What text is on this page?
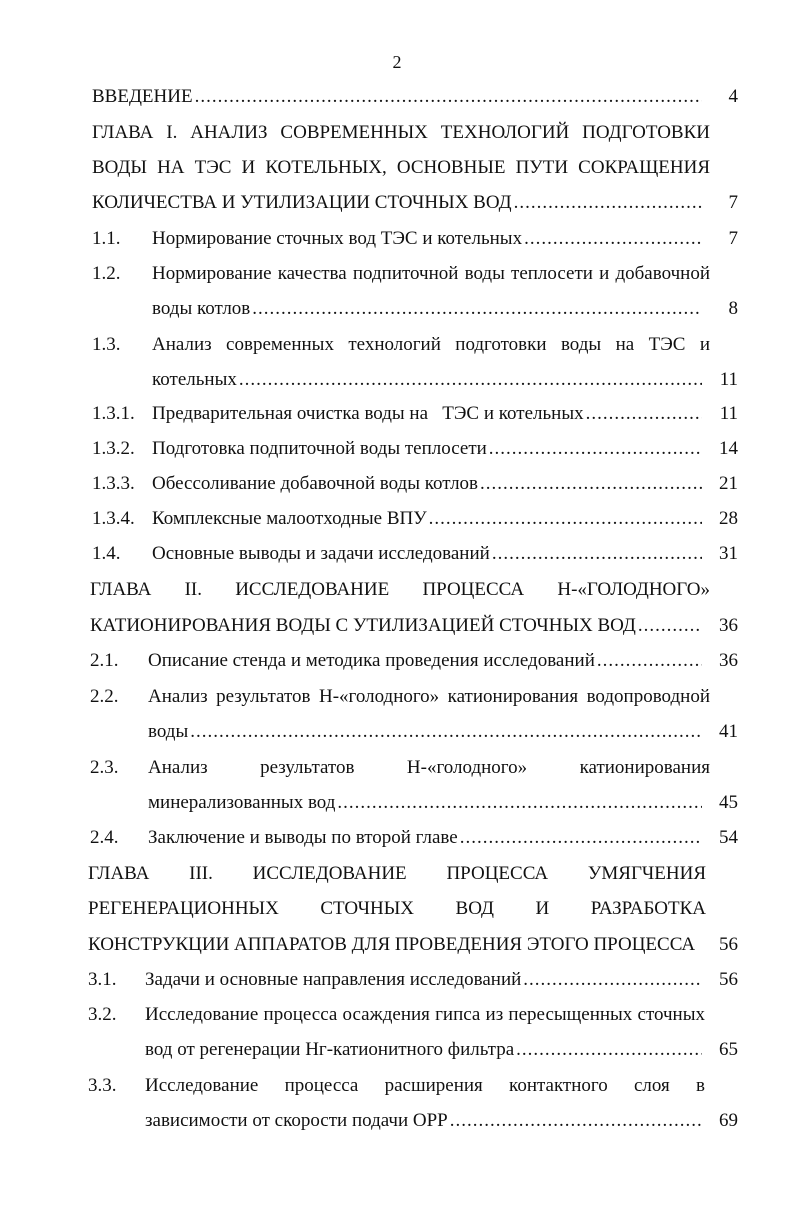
2
ВВЕДЕНИЕ .....	4
ГЛАВА I. АНАЛИЗ СОВРЕМЕННЫХ ТЕХНОЛОГИЙ ПОДГОТОВКИ
ВОДЫ НА ТЭС И КОТЕЛЬНЫХ, ОСНОВНЫЕ ПУТИ СОКРАЩЕНИЯ
КОЛИЧЕСТВА И УТИЛИЗАЦИИ СТОЧНЫХ ВОД .....	7
1.1. Нормирование сточных вод ТЭС и котельных .....	7
1.2. Нормирование качества подпиточной воды теплосети и добавочной
воды котлов .....	8
1.3. Анализ современных технологий подготовки воды на ТЭС и
котельных .....	11
1.3.1. Предварительная очистка воды на   ТЭС и котельных .....	11
1.3.2. Подготовка подпиточной воды теплосети .....	14
1.3.3. Обессоливание добавочной воды котлов .....	21
1.3.4. Комплексные малоотходные ВПУ .....	28
1.4. Основные выводы и задачи исследований .....	31
ГЛАВА II. ИССЛЕДОВАНИЕ ПРОЦЕССА Н-«ГОЛОДНОГО»
КАТИОНИРОВАНИЯ ВОДЫ С УТИЛИЗАЦИЕЙ СТОЧНЫХ ВОД .....	36
2.1. Описание стенда и методика проведения исследований .....	36
2.2. Анализ результатов Н-«голодного» катионирования водопроводной
воды .....	41
2.3. Анализ результатов Н-«голодного» катионирования
минерализованных вод .....	45
2.4. Заключение и выводы по второй главе .....	54
ГЛАВА III. ИССЛЕДОВАНИЕ ПРОЦЕССА УМЯГЧЕНИЯ
РЕГЕНЕРАЦИОННЫХ СТОЧНЫХ ВОД И РАЗРАБОТКА
КОНСТРУКЦИИ АППАРАТОВ ДЛЯ ПРОВЕДЕНИЯ ЭТОГО ПРОЦЕССА	56
3.1. Задачи и основные направления исследований .....	56
3.2. Исследование процесса осаждения гипса из пересыщенных сточных
вод от регенерации Нг-катионитного фильтра .....	65
3.3. Исследование процесса расширения контактного слоя в
зависимости от скорости подачи ОРР .....	69
